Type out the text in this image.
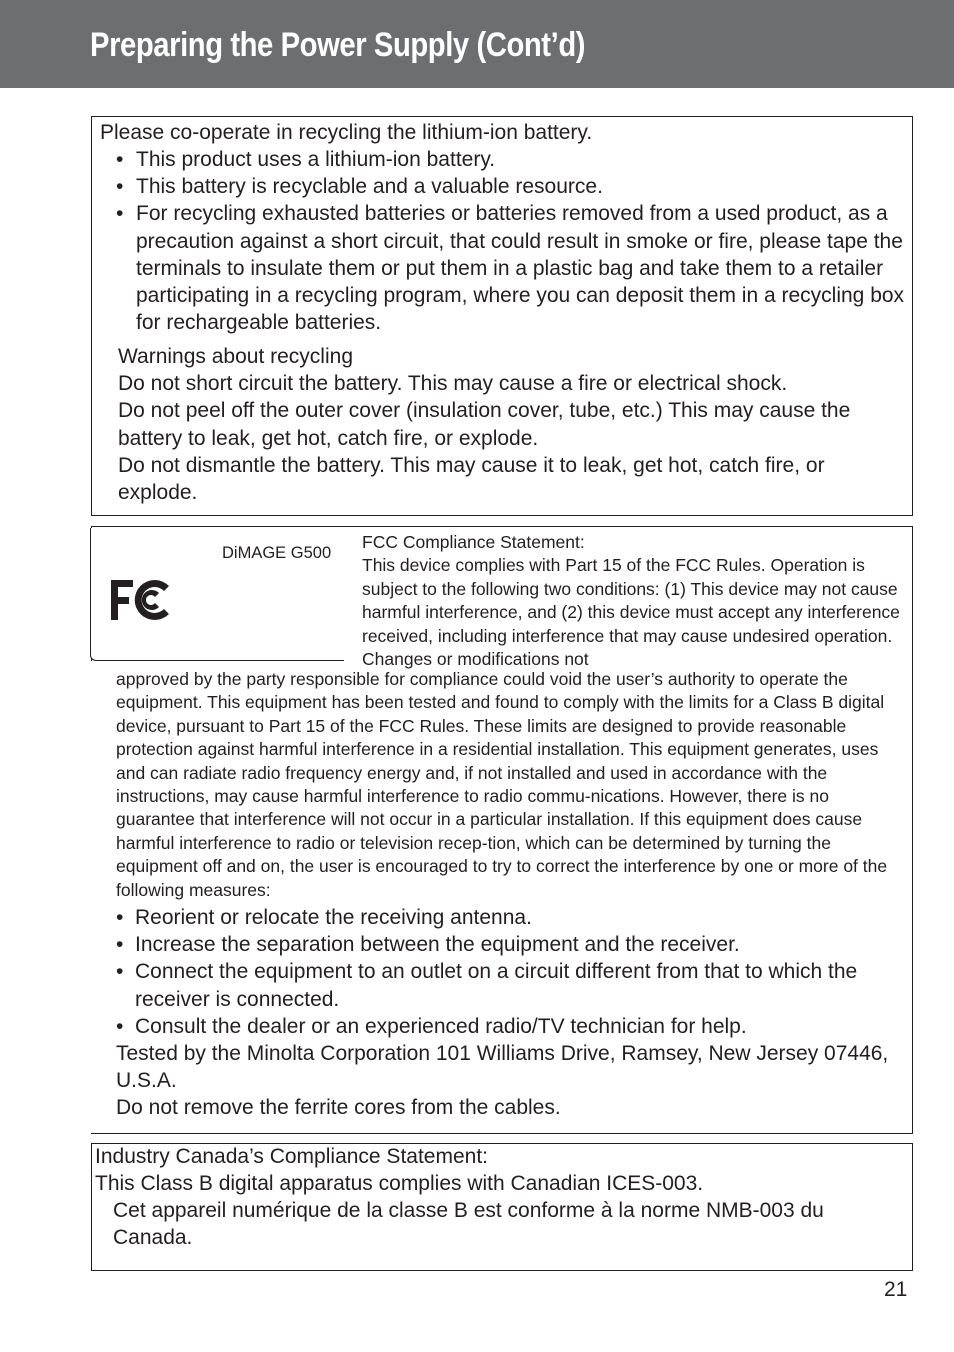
Preparing the Power Supply (Cont’d)

Please co-operate in recycling the lithium-ion battery.

• This product uses a lithium-ion battery.
• This battery is recyclable and a valuable resource.
• For recycling exhausted batteries or batteries removed from a used product, as a precaution against a short circuit, that could result in smoke or fire, please tape the terminals to insulate them or put them in a plastic bag and take them to a retailer participating in a recycling program, where you can deposit them in a recycling box for rechargeable batteries.

Warnings about recycling

Do not short circuit the battery. This may cause a fire or electrical shock.

Do not peel off the outer cover (insulation cover, tube, etc.) This may cause the battery to leak, get hot, catch fire, or explode.

Do not dismantle the battery. This may cause it to leak, get hot, catch fire, or explode.

DiMAGE G500

FCC Compliance Statement:

This device complies with Part 15 of the FCC Rules. Operation is subject to the following two conditions: (1) This device may not cause harmful interference, and (2) this device must accept any interference received, including interference that may cause undesired operation. Changes or modifications not

approved by the party responsible for compliance could void the user’s authority to operate the equipment. This equipment has been tested and found to comply with the limits for a Class B digital device, pursuant to Part 15 of the FCC Rules. These limits are designed to provide reasonable protection against harmful interference in a residential installation. This equipment generates, uses and can radiate radio frequency energy and, if not installed and used in accordance with the instructions, may cause harmful interference to radio commu-nications. However, there is no guarantee that interference will not occur in a particular installation. If this equipment does cause harmful interference to radio or television recep-tion, which can be determined by turning the equipment off and on, the user is encouraged to try to correct the interference by one or more of the following measures:

• Reorient or relocate the receiving antenna.
• Increase the separation between the equipment and the receiver.
• Connect the equipment to an outlet on a circuit different from that to which the receiver is connected.
• Consult the dealer or an experienced radio/TV technician for help.

Tested by the Minolta Corporation 101 Williams Drive, Ramsey, New Jersey 07446, U.S.A.

Do not remove the ferrite cores from the cables.

Industry Canada’s Compliance Statement:

This Class B digital apparatus complies with Canadian ICES-003.

Cet appareil numérique de la classe B est conforme à la norme NMB-003 du Canada.

21
